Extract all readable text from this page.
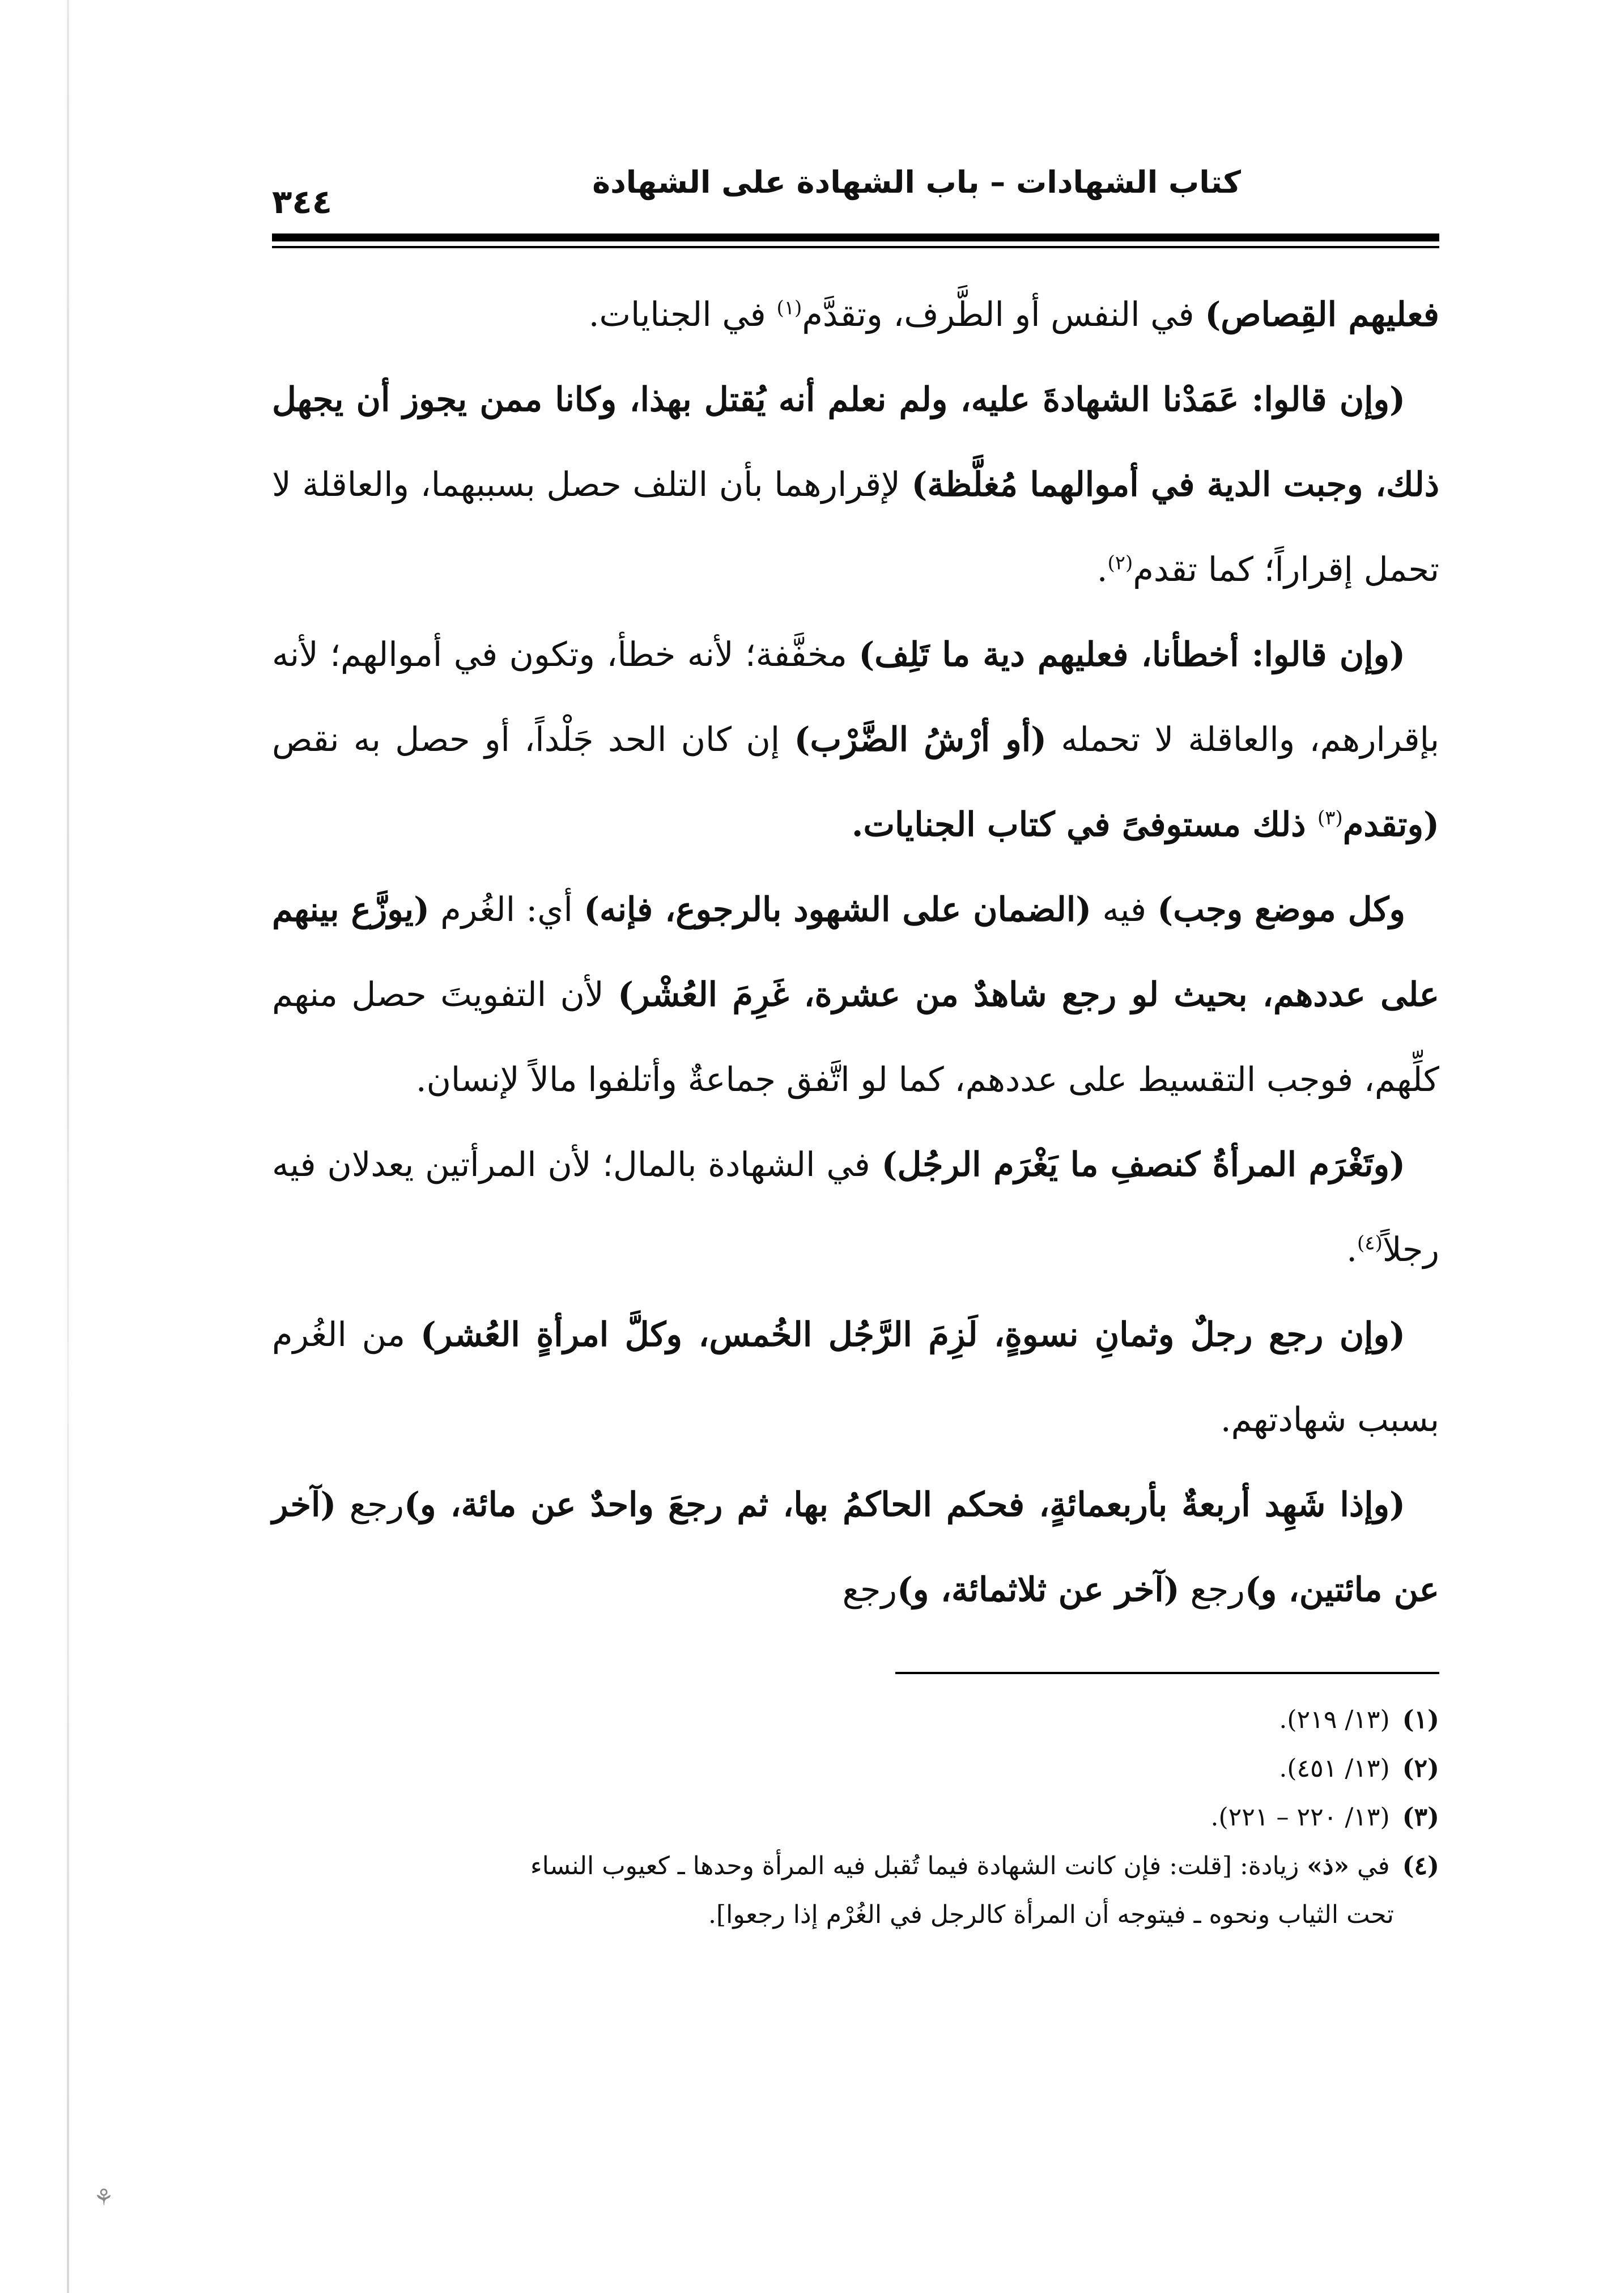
كتاب الشهادات – باب الشهادة على الشهادة
٣٤٤

فعليهم القِصاص) في النفس أو الطَّرف، وتقدَّم$^{(١)}$ في الجنايات.

(وإن قالوا: عَمَدْنا الشهادةَ عليه، ولم نعلم أنه يُقتل بهذا، وكانا ممن يجوز أن يجهل ذلك، وجبت الدية في أموالهما مُغلَّظة) لإقرارهما بأن التلف حصل بسببهما، والعاقلة لا تحمل إقراراً؛ كما تقدم$^{(٢)}$.

(وإن قالوا: أخطأنا، فعليهم دية ما تَلِف) مخفَّفة؛ لأنه خطأ، وتكون في أموالهم؛ لأنه بإقرارهم، والعاقلة لا تحمله (أو أرْشُ الضَّرْب) إن كان الحد جَلْداً، أو حصل به نقص (وتقدم$^{(٣)}$ ذلك مستوفىً في كتاب الجنايات.

وكل موضع وجب) فيه (الضمان على الشهود بالرجوع، فإنه) أي: الغُرم (يوزَّع بينهم على عددهم، بحيث لو رجع شاهدٌ من عشرة، غَرِمَ العُشْر) لأن التفويتَ حصل منهم كلِّهم، فوجب التقسيط على عددهم، كما لو اتَّفق جماعةٌ وأتلفوا مالاً لإنسان.

(وتَغْرَم المرأةُ كنصفِ ما يَغْرَم الرجُل) في الشهادة بالمال؛ لأن المرأتين يعدلان فيه رجلاً$^{(٤)}$.

(وإن رجع رجلٌ وثمانِ نسوةٍ، لَزِمَ الرَّجُل الخُمس، وكلَّ امرأةٍ العُشر) من الغُرم بسبب شهادتهم.

(وإذا شَهِد أربعةٌ بأربعمائةٍ، فحكم الحاكمُ بها، ثم رجعَ واحدٌ عن مائة، و)رجع (آخر عن مائتين، و)رجع (آخر عن ثلاثمائة، و)رجع

(١)(١٣/ ٢١٩).

(٢)(١٣/ ٤٥١).

(٣)(١٣/ ٢٢٠ – ٢٢١).

(٤)في «ذ» زيادة: [قلت: فإن كانت الشهادة فيما تُقبل فيه المرأة وحدها ـ كعيوب النساء

تحت الثياب ونحوه ـ فيتوجه أن المرأة كالرجل في الغُرْم إذا رجعوا].

⚘
